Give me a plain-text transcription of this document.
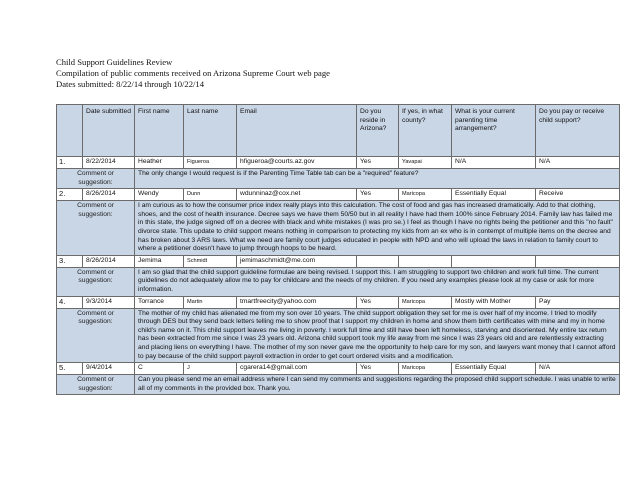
Child Support Guidelines Review
Compilation of public comments received on Arizona Supreme Court web page
Dates submitted: 8/22/14 through 10/22/14
	Date submitted	First name	Last name	Email	Do you reside in Arizona?	If yes, in what county?	What is your current parenting time arrangement?	Do you pay or receive child support?
1.	8/22/2014	Heather	Figueroa	hfigueroa@courts.az.gov	Yes	Yavapai	N/A	N/A
Comment or suggestion:		The only change I would request is if the Parenting Time Table tab can be a "required" feature?						
2.	8/26/2014	Wendy	Dunn	wdunninaz@cox.net	Yes	Maricopa	Essentially Equal	Receive
Comment or suggestion:		I am curious as to how the consumer price index really plays into this calculation. The cost of food and gas has increased dramatically. Add to that clothing, shoes, and the cost of health insurance. Decree says we have them 50/50 but in all reality I have had them 100% since February 2014. Family law has failed me in this state, the judge signed off on a decree with black and white mistakes (I was pro se.) I feel as though I have no rights being the petitioner and this "no fault" divorce state. This update to child support means nothing in comparison to protecting my kids from an ex who is in contempt of multiple items on the decree and has broken about 3 ARS laws. What we need are family court judges educated in people with NPD and who will upload the laws in relation to family court to where a petitioner doesn't have to jump through hoops to be heard.						
3.	8/26/2014	Jemima	Schmidt	jemimaschmidt@me.com				
Comment or suggestion:		I am so glad that the child support guideline formulae are being revised. I support this. I am struggling to support two children and work full time. The current guidelines do not adequately allow me to pay for childcare and the needs of my children. If you need any examples please look at my case or ask for more information.						
4.	9/3/2014	Torrance	Martin	tmartfreecity@yahoo.com	Yes	Maricopa	Mostly with Mother	Pay
Comment or suggestion:		The mother of my child has alienated me from my son over 10 years. The child support obligation they set for me is over half of my income. I tried to modify through DES but they send back letters telling me to show proof that I support my children in home and show them birth certificates with mine and my in home child's name on it. This child support leaves me living in poverty. I work full time and still have been left homeless, starving and disoriented. My entire tax return has been extracted from me since I was 23 years old. Arizona child support took my life away from me since I was 23 years old and are relentlessly extracting and placing liens on everything I have. The mother of my son never gave me the opportunity to help care for my son, and lawyers want money that I cannot afford to pay because of the child support payroll extraction in order to get court ordered visits and a modification.						
5.	9/4/2014	C	J	cgarera14@gmail.com	Yes	Maricopa	Essentially Equal	N/A
Comment or suggestion:		Can you please send me an email address where I can send my comments and suggestions regarding the proposed child support schedule. I was unable to write all of my comments in the provided box. Thank you.						
